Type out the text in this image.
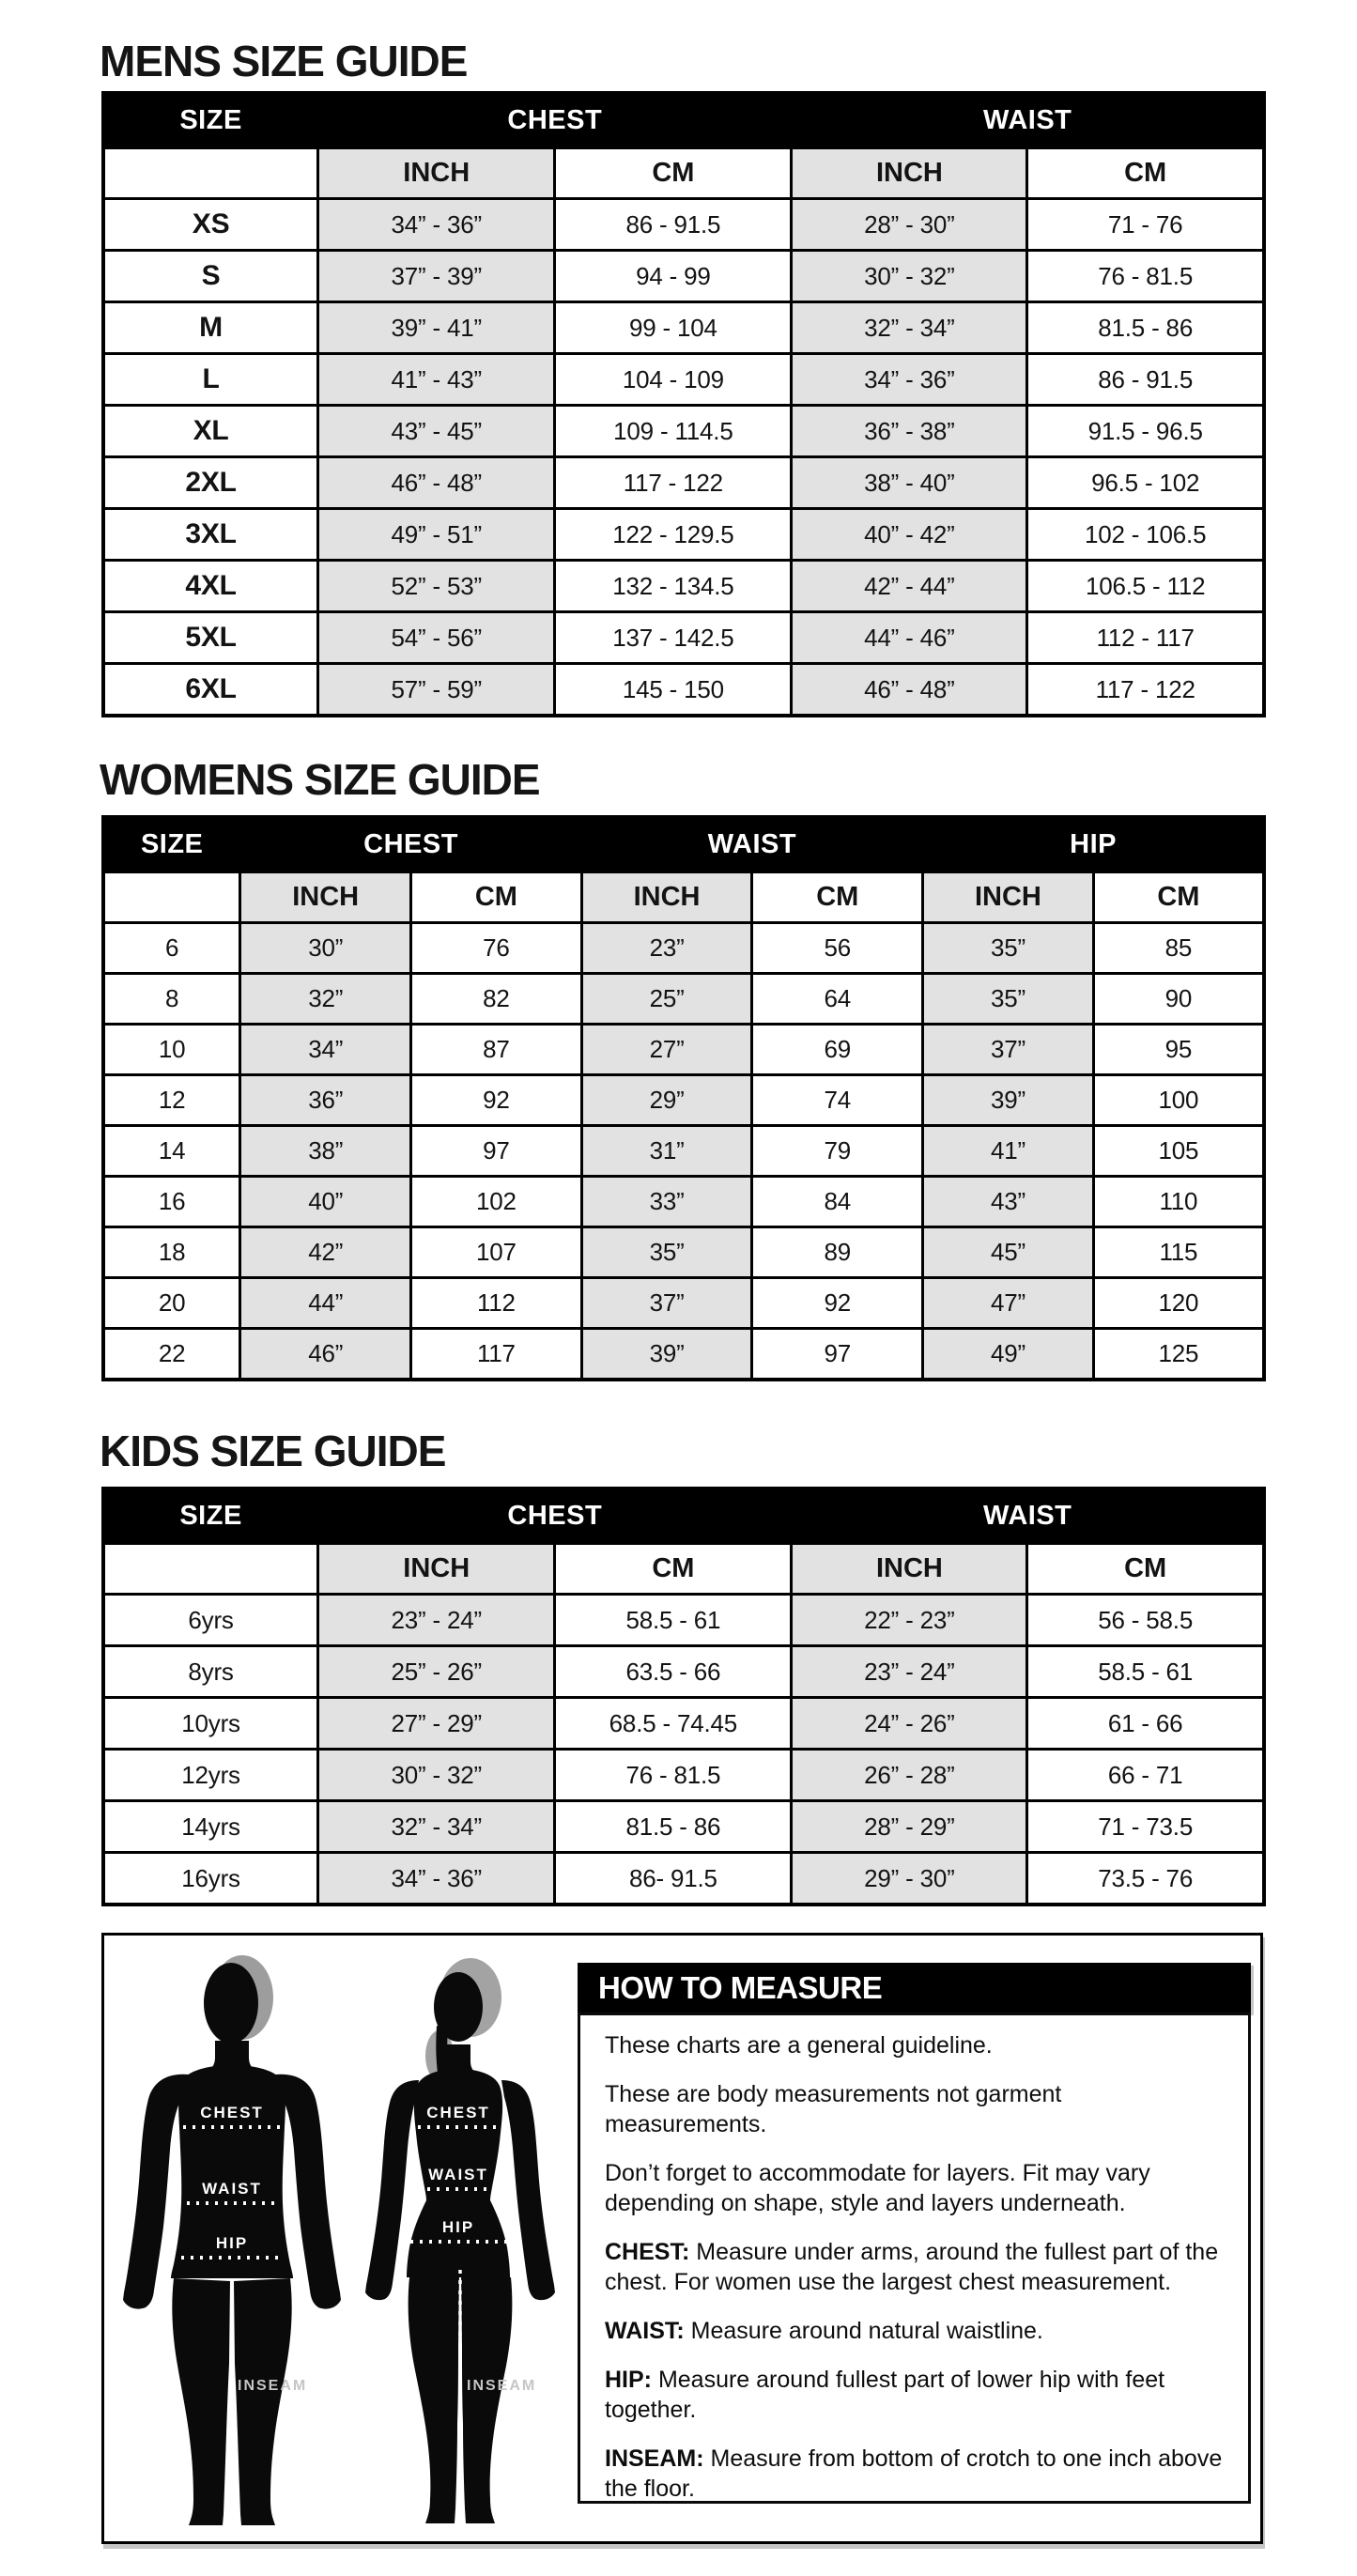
MENS SIZE GUIDE
SIZE	CHEST		WAIST	
	INCH	CM	INCH	CM
XS	34” - 36”	86 - 91.5	28” - 30”	71 - 76
S	37” - 39”	94 - 99	30” - 32”	76 - 81.5
M	39” - 41”	99 - 104	32” - 34”	81.5 - 86
L	41” - 43”	104 - 109	34” - 36”	86 - 91.5
XL	43” - 45”	109 - 114.5	36” - 38”	91.5 - 96.5
2XL	46” - 48”	117 - 122	38” - 40”	96.5 - 102
3XL	49” - 51”	122 - 129.5	40” - 42”	102 - 106.5
4XL	52” - 53”	132 - 134.5	42” - 44”	106.5 - 112
5XL	54” - 56”	137 - 142.5	44” - 46”	112 - 117
6XL	57” - 59”	145 - 150	46” - 48”	117 - 122
WOMENS SIZE GUIDE
SIZE	CHEST		WAIST		HIP	
	INCH	CM	INCH	CM	INCH	CM
6	30”	76	23”	56	35”	85
8	32”	82	25”	64	35”	90
10	34”	87	27”	69	37”	95
12	36”	92	29”	74	39”	100
14	38”	97	31”	79	41”	105
16	40”	102	33”	84	43”	110
18	42”	107	35”	89	45”	115
20	44”	112	37”	92	47”	120
22	46”	117	39”	97	49”	125
KIDS SIZE GUIDE
SIZE	CHEST		WAIST	
	INCH	CM	INCH	CM
6yrs	23” - 24”	58.5 - 61	22” - 23”	56 - 58.5
8yrs	25” - 26”	63.5 - 66	23” - 24”	58.5 - 61
10yrs	27” - 29”	68.5 - 74.45	24” - 26”	61 - 66
12yrs	30” - 32”	76 - 81.5	26” - 28”	66 - 71
14yrs	32” - 34”	81.5 - 86	28” - 29”	71 - 73.5
16yrs	34” - 36”	86- 91.5	29” - 30”	73.5 - 76
CHEST
WAIST
HIP
INSEAM
CHEST
WAIST
HIP
INSEAM
HOW TO MEASURE

These charts are a general guideline.

These are body measurements not garment measurements.

Don’t forget to accommodate for layers. Fit may vary depending on shape, style and layers underneath.

CHEST: Measure under arms, around the fullest part of the chest. For women use the largest chest measurement.

WAIST: Measure around natural waistline.

HIP: Measure around fullest part of lower hip with feet together.

INSEAM: Measure from bottom of crotch to one inch above the floor.
